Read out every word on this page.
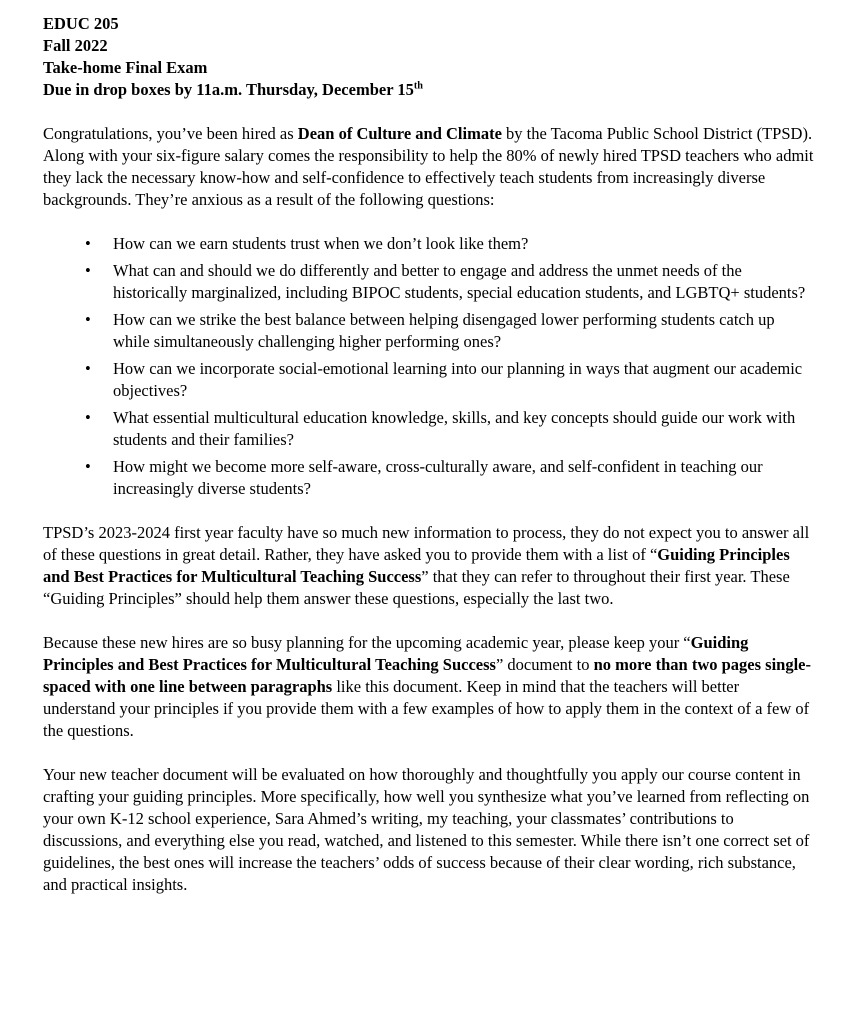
EDUC 205
Fall 2022
Take-home Final Exam
Due in drop boxes by 11a.m. Thursday, December 15th

Congratulations, you’ve been hired as Dean of Culture and Climate by the Tacoma Public School District (TPSD). Along with your six-figure salary comes the responsibility to help the 80% of newly hired TPSD teachers who admit they lack the necessary know-how and self-confidence to effectively teach students from increasingly diverse backgrounds. They’re anxious as a result of the following questions:

• How can we earn students trust when we don’t look like them?
• What can and should we do differently and better to engage and address the unmet needs of the historically marginalized, including BIPOC students, special education students, and LGBTQ+ students?
• How can we strike the best balance between helping disengaged lower performing students catch up while simultaneously challenging higher performing ones?
• How can we incorporate social-emotional learning into our planning in ways that augment our academic objectives?
• What essential multicultural education knowledge, skills, and key concepts should guide our work with students and their families?
• How might we become more self-aware, cross-culturally aware, and self-confident in teaching our increasingly diverse students?

TPSD’s 2023-2024 first year faculty have so much new information to process, they do not expect you to answer all of these questions in great detail. Rather, they have asked you to provide them with a list of “Guiding Principles and Best Practices for Multicultural Teaching Success” that they can refer to throughout their first year. These “Guiding Principles” should help them answer these questions, especially the last two.

Because these new hires are so busy planning for the upcoming academic year, please keep your “Guiding Principles and Best Practices for Multicultural Teaching Success” document to no more than two pages single-spaced with one line between paragraphs like this document. Keep in mind that the teachers will better understand your principles if you provide them with a few examples of how to apply them in the context of a few of the questions.

Your new teacher document will be evaluated on how thoroughly and thoughtfully you apply our course content in crafting your guiding principles. More specifically, how well you synthesize what you’ve learned from reflecting on your own K-12 school experience, Sara Ahmed’s writing, my teaching, your classmates’ contributions to discussions, and everything else you read, watched, and listened to this semester. While there isn’t one correct set of guidelines, the best ones will increase the teachers’ odds of success because of their clear wording, rich substance, and practical insights.
